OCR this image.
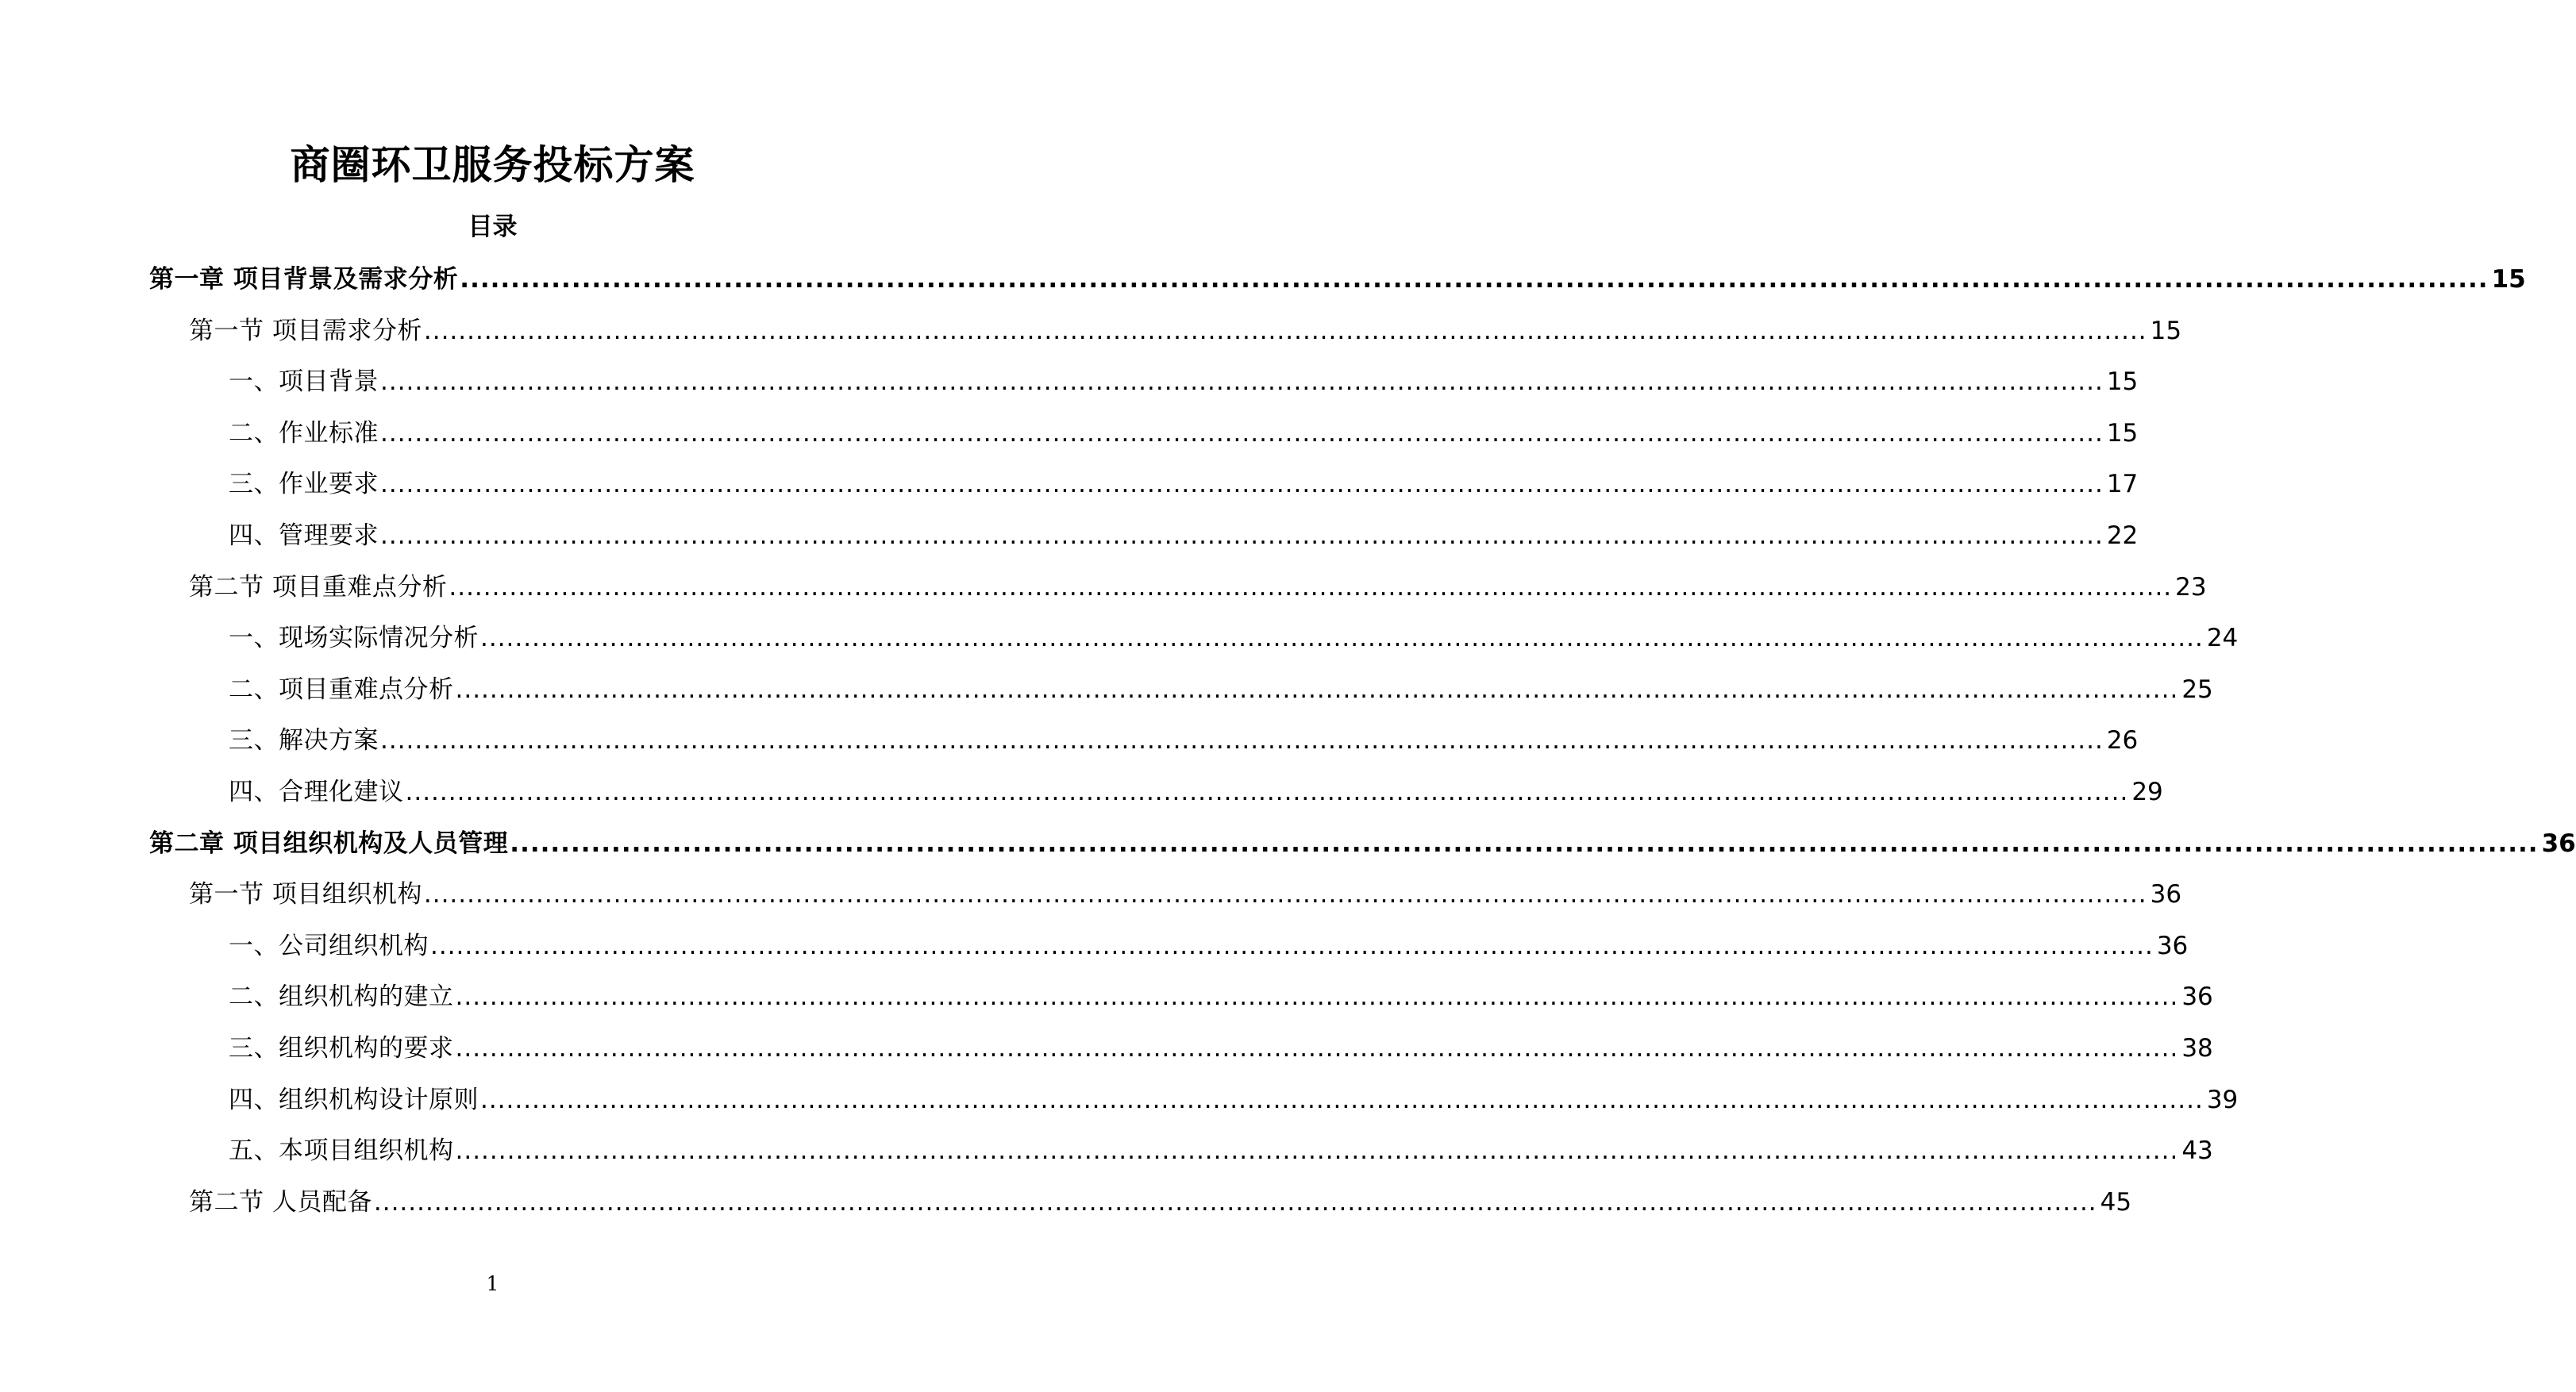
商圈环卫服务投标方案
目录
第一章 项目背景及需求分析 ........................................................................................................................................................................................................ 15
第一节 项目需求分析 ........................................................................................................................................................................................................ 15
一、项目背景 ........................................................................................................................................................................................................ 15
二、作业标准 ........................................................................................................................................................................................................ 15
三、作业要求 ........................................................................................................................................................................................................ 17
四、管理要求 ........................................................................................................................................................................................................ 22
第二节 项目重难点分析 ........................................................................................................................................................................................................ 23
一、现场实际情况分析 ........................................................................................................................................................................................................ 24
二、项目重难点分析 ........................................................................................................................................................................................................ 25
三、解决方案 ........................................................................................................................................................................................................ 26
四、合理化建议 ........................................................................................................................................................................................................ 29
第二章 项目组织机构及人员管理 ........................................................................................................................................................................................................ 36
第一节 项目组织机构 ........................................................................................................................................................................................................ 36
一、公司组织机构 ........................................................................................................................................................................................................ 36
二、组织机构的建立 ........................................................................................................................................................................................................ 36
三、组织机构的要求 ........................................................................................................................................................................................................ 38
四、组织机构设计原则 ........................................................................................................................................................................................................ 39
五、本项目组织机构 ........................................................................................................................................................................................................ 43
第二节 人员配备 ........................................................................................................................................................................................................ 45
1
